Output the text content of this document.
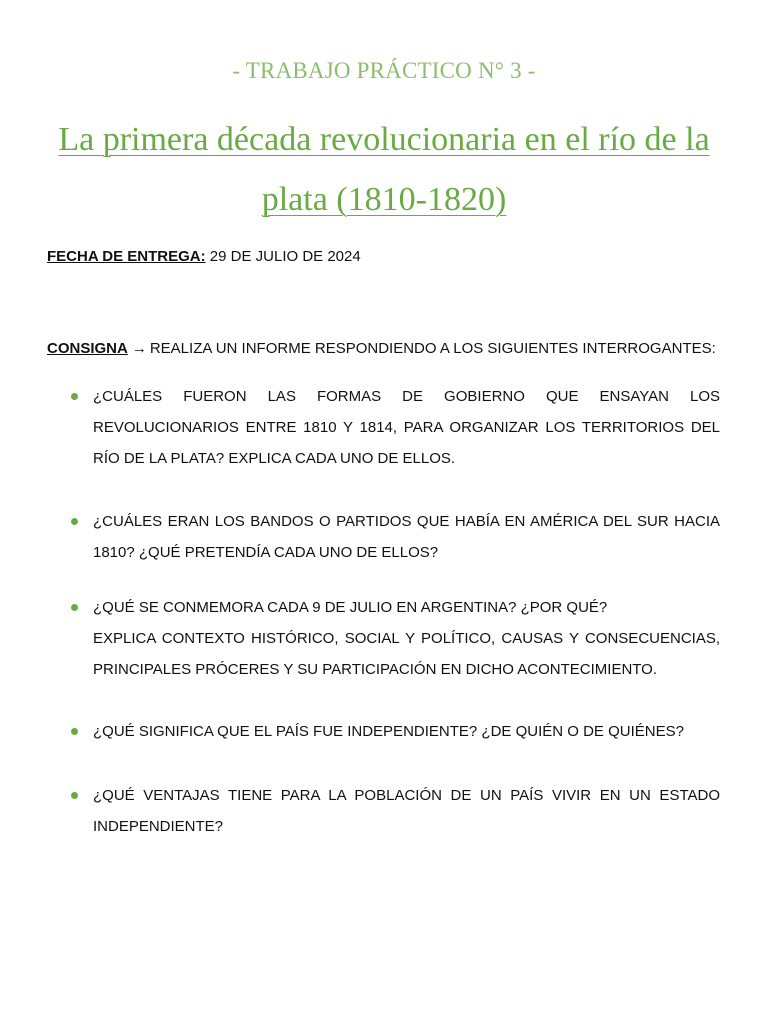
- TRABAJO PRÁCTICO N° 3 -
La primera década revolucionaria en el río de la plata (1810-1820)
FECHA DE ENTREGA: 29 DE JULIO DE 2024
CONSIGNA → REALIZA UN INFORME RESPONDIENDO A LOS SIGUIENTES INTERROGANTES:
¿CUÁLES FUERON LAS FORMAS DE GOBIERNO QUE ENSAYAN LOS REVOLUCIONARIOS ENTRE 1810 Y 1814, PARA ORGANIZAR LOS TERRITORIOS DEL RÍO DE LA PLATA? EXPLICA CADA UNO DE ELLOS.
¿CUÁLES ERAN LOS BANDOS O PARTIDOS QUE HABÍA EN AMÉRICA DEL SUR HACIA 1810? ¿QUÉ PRETENDÍA CADA UNO DE ELLOS?
¿QUÉ SE CONMEMORA CADA 9 DE JULIO EN ARGENTINA? ¿POR QUÉ?
EXPLICA CONTEXTO HISTÓRICO, SOCIAL Y POLÍTICO, CAUSAS Y CONSECUENCIAS, PRINCIPALES PRÓCERES Y SU PARTICIPACIÓN EN DICHO ACONTECIMIENTO.
¿QUÉ SIGNIFICA QUE EL PAÍS FUE INDEPENDIENTE? ¿DE QUIÉN O DE QUIÉNES?
¿QUÉ VENTAJAS TIENE PARA LA POBLACIÓN DE UN PAÍS VIVIR EN UN ESTADO INDEPENDIENTE?
